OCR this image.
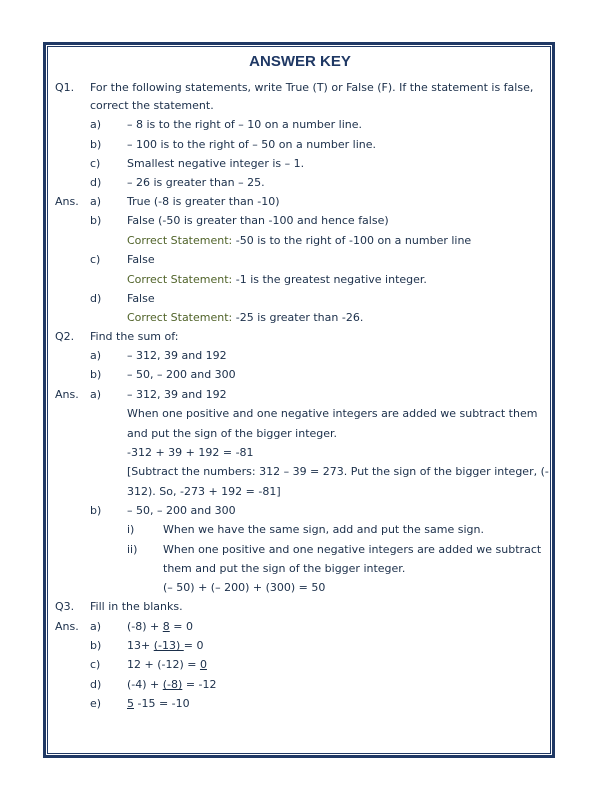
ANSWER KEY
Q1. For the following statements, write True (T) or False (F). If the statement is false,
correct the statement.
a) – 8 is to the right of – 10 on a number line.
b) – 100 is to the right of – 50 on a number line.
c) Smallest negative integer is – 1.
d) – 26 is greater than – 25.
Ans. a) True (-8 is greater than -10)
b) False (-50 is greater than -100 and hence false)
Correct Statement: -50 is to the right of -100 on a number line
c) False
Correct Statement: -1 is the greatest negative integer.
d) False
Correct Statement: -25 is greater than -26.
Q2. Find the sum of:
a) – 312, 39 and 192
b) – 50, – 200 and 300
Ans. a) – 312, 39 and 192
When one positive and one negative integers are added we subtract them
and put the sign of the bigger integer.
-312 + 39 + 192 = -81
[Subtract the numbers: 312 – 39 = 273. Put the sign of the bigger integer, (-
312). So, -273 + 192 = -81]
b) – 50, – 200 and 300
i)	When we have the same sign, add and put the same sign.
ii) When one positive and one negative integers are added we subtract
them and put the sign of the bigger integer.
(– 50) + (– 200) + (300) = 50
Q3. Fill in the blanks.
Ans. a) (-8) + 8 = 0
b) 13+ (-13) = 0
c) 12 + (-12) = 0
d) (-4) + (-8) = -12
e) 5 -15 = -10
